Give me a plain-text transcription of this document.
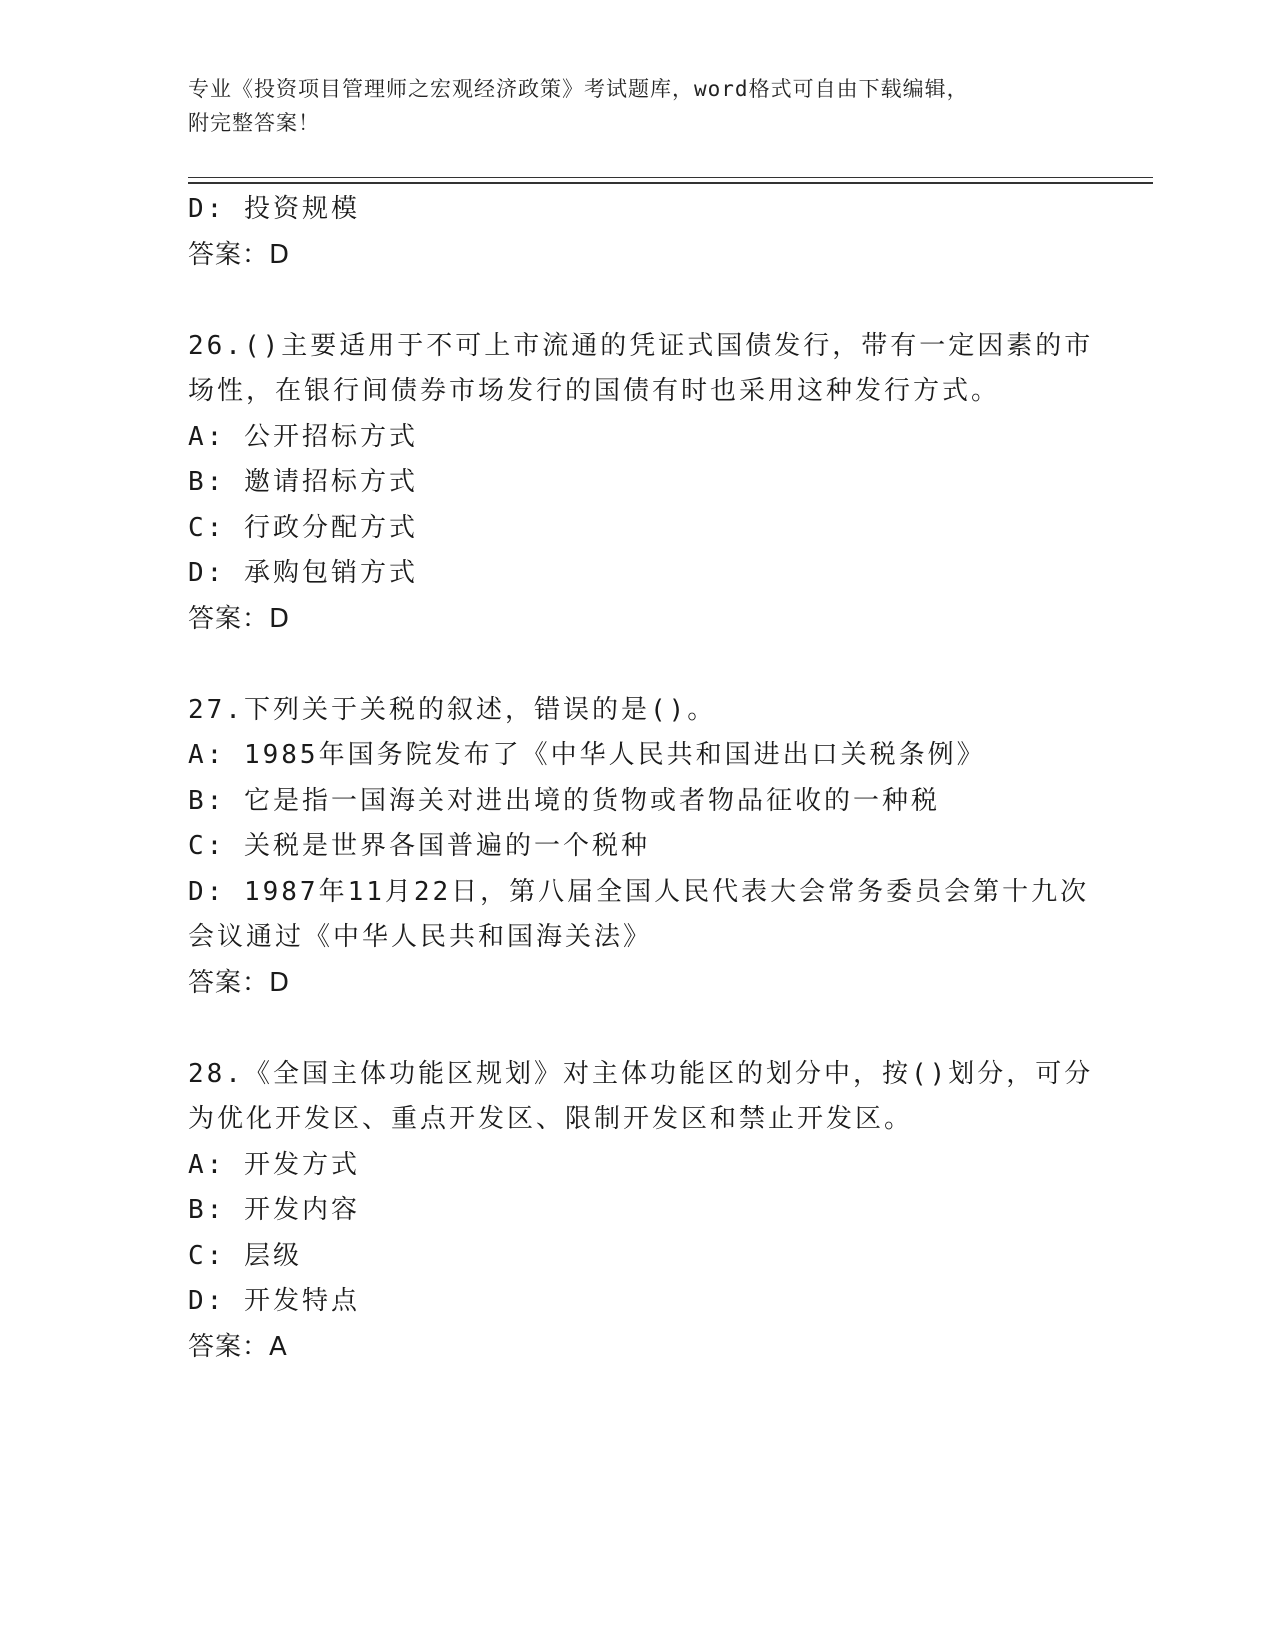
专业《投资项目管理师之宏观经济政策》考试题库，word格式可自由下载编辑，
附完整答案！
D: 投资规模
答案：D
26.()主要适用于不可上市流通的凭证式国债发行，带有一定因素的市
场性，在银行间债券市场发行的国债有时也采用这种发行方式。
A: 公开招标方式
B: 邀请招标方式
C: 行政分配方式
D: 承购包销方式
答案：D
27.下列关于关税的叙述，错误的是()。
A: 1985年国务院发布了《中华人民共和国进出口关税条例》
B: 它是指一国海关对进出境的货物或者物品征收的一种税
C: 关税是世界各国普遍的一个税种
D: 1987年11月22日，第八届全国人民代表大会常务委员会第十九次
会议通过《中华人民共和国海关法》
答案：D
28.《全国主体功能区规划》对主体功能区的划分中，按()划分，可分
为优化开发区、重点开发区、限制开发区和禁止开发区。
A: 开发方式
B: 开发内容
C: 层级
D: 开发特点
答案：A
